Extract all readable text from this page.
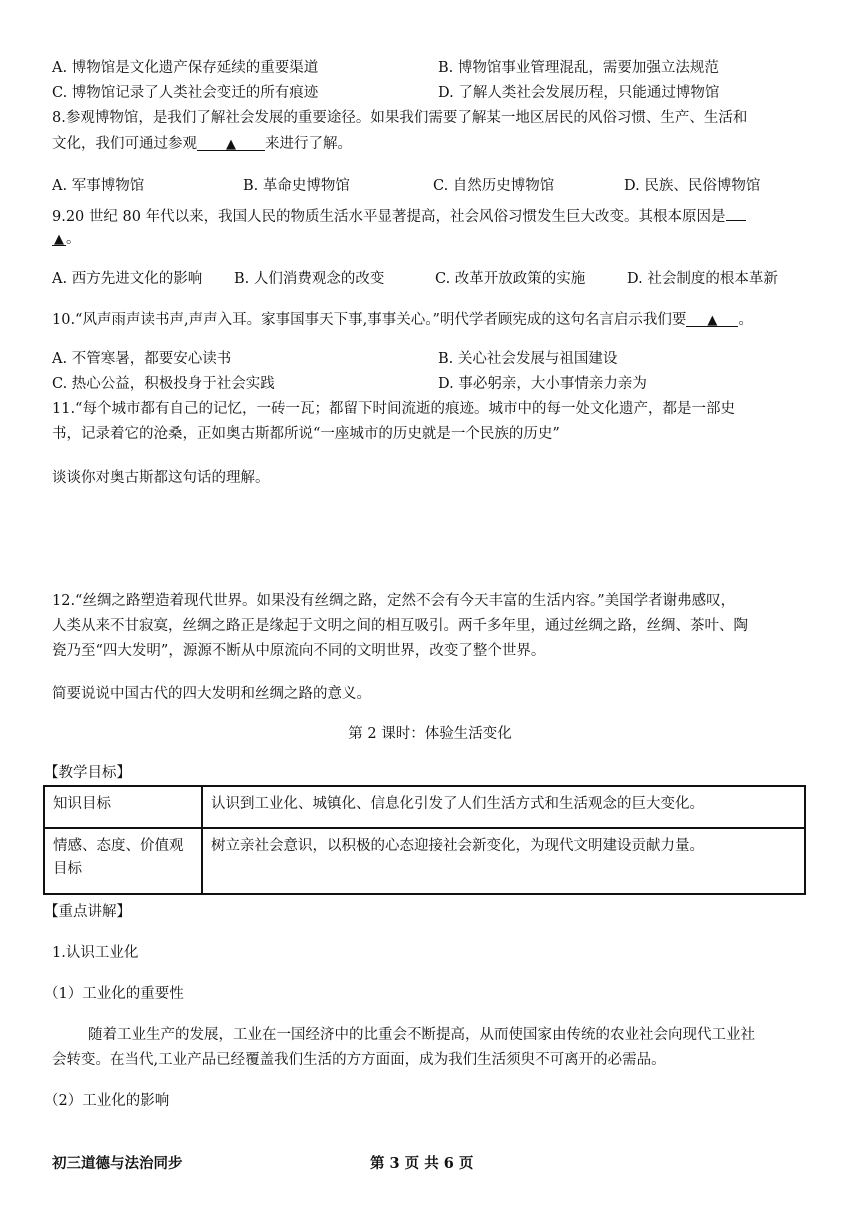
A. 博物馆是文化遗产保存延续的重要渠道	B. 博物馆事业管理混乱，需要加强立法规范
C. 博物馆记录了人类社会变迁的所有痕迹	D. 了解人类社会发展历程，只能通过博物馆
8.参观博物馆，是我们了解社会发展的重要途径。如果我们需要了解某一地区居民的风俗习惯、生产、生活和
文化，我们可通过参观 ▲ 来进行了解。
A. 军事博物馆	B. 革命史博物馆	C. 自然历史博物馆	D. 民族、民俗博物馆
9.20 世纪 80 年代以来，我国人民的物质生活水平显著提高，社会风俗习惯发生巨大改变。其根本原因是
▲ 。
A. 西方先进文化的影响 B. 人们消费观念的改变	C. 改革开放政策的实施	D. 社会制度的根本革新
10.“风声雨声读书声,声声入耳。家事国事天下事,事事关心。”明代学者顾宪成的这句名言启示我们要 ▲ 。
A. 不管寒暑，都要安心读书	B. 关心社会发展与祖国建设
C. 热心公益，积极投身于社会实践	D. 事必躬亲，大小事情亲力亲为
11.“每个城市都有自己的记忆，一砖一瓦；都留下时间流逝的痕迹。城市中的每一处文化遗产，都是一部史
书，记录着它的沧桑，正如奥古斯都所说“一座城市的历史就是一个民族的历史”
谈谈你对奥古斯都这句话的理解。
12.“丝绸之路塑造着现代世界。如果没有丝绸之路，定然不会有今天丰富的生活内容。”美国学者谢弗感叹，
人类从来不甘寂寞，丝绸之路正是缘起于文明之间的相互吸引。两千多年里，通过丝绸之路，丝绸、茶叶、陶
瓷乃至“四大发明”，源源不断从中原流向不同的文明世界，改变了整个世界。
简要说说中国古代的四大发明和丝绸之路的意义。
第 2 课时：体验生活变化
【教学目标】
知识目标	认识到工业化、城镇化、信息化引发了人们生活方式和生活观念的巨大变化。
情感、态度、价值观
目标	树立亲社会意识，以积极的心态迎接社会新变化，为现代文明建设贡献力量。
【重点讲解】
1.认识工业化
（1）工业化的重要性
随着工业生产的发展，工业在一国经济中的比重会不断提高，从而使国家由传统的农业社会向现代工业社
会转变。在当代,工业产品已经覆盖我们生活的方方面面，成为我们生活须臾不可离开的必需品。
（2）工业化的影响
初三道德与法治同步	第 3 页 共 6 页
